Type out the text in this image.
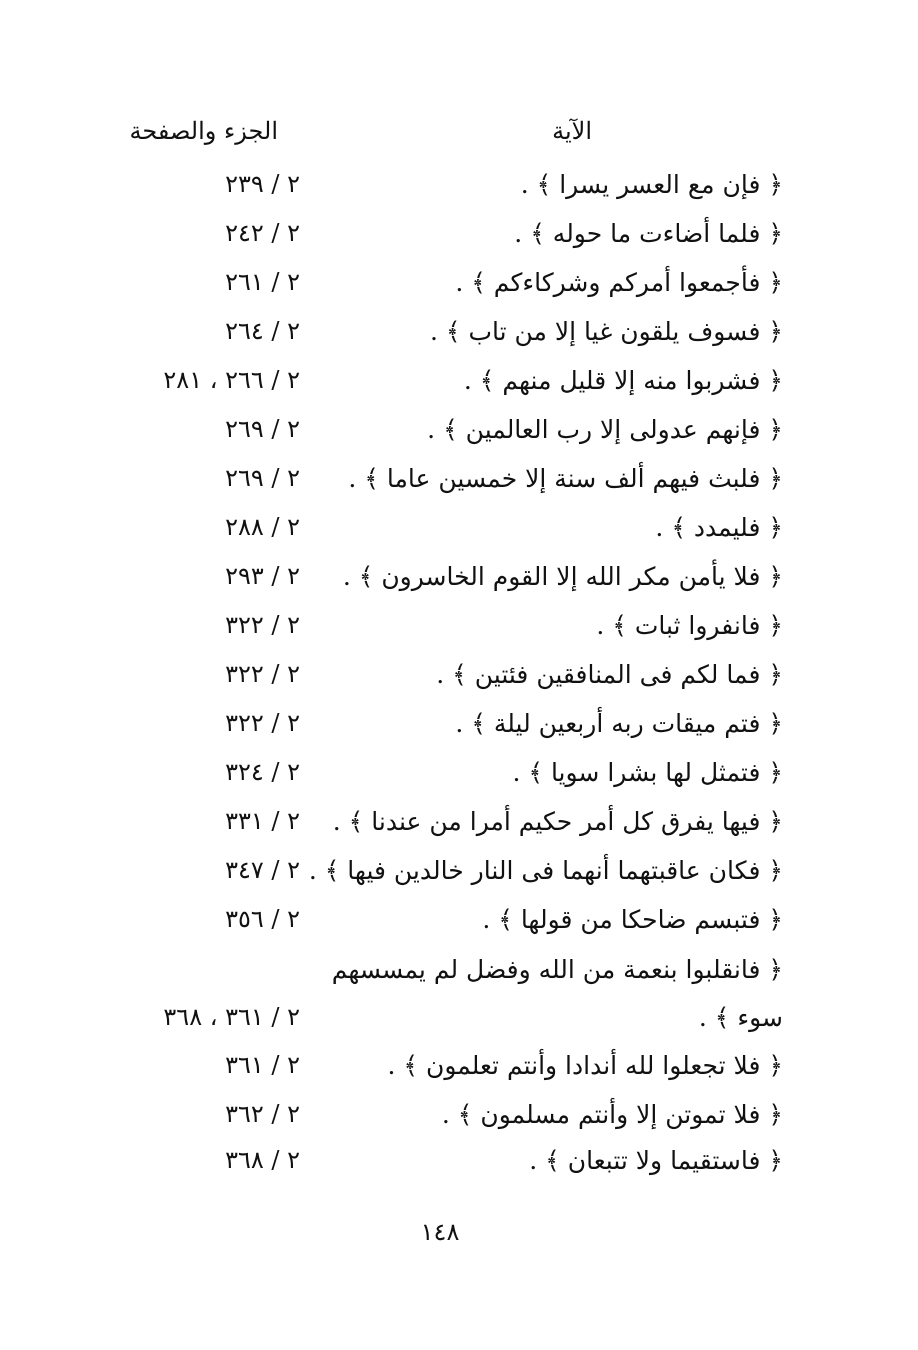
الآية
الجزء والصفحة
﴿ فإن مع العسر يسرا ﴾ .
٢ / ٢٣٩
﴿ فلما أضاءت ما حوله ﴾ .
٢ / ٢٤٢
﴿ فأجمعوا أمركم وشركاءكم ﴾ .
٢ / ٢٦١
﴿ فسوف يلقون غيا إلا من تاب ﴾ .
٢ / ٢٦٤
﴿ فشربوا منه إلا قليل منهم ﴾ .
٢ / ٢٦٦ ، ٢٨١
﴿ فإنهم عدولى إلا رب العالمين ﴾ .
٢ / ٢٦٩
﴿ فلبث فيهم ألف سنة إلا خمسين عاما ﴾ .
٢ / ٢٦٩
﴿ فليمدد ﴾ .
٢ / ٢٨٨
﴿ فلا يأمن مكر الله إلا القوم الخاسرون ﴾ .
٢ / ٢٩٣
﴿ فانفروا ثبات ﴾ .
٢ / ٣٢٢
﴿ فما لكم فى المنافقين فئتين ﴾ .
٢ / ٣٢٢
﴿ فتم ميقات ربه أربعين ليلة ﴾ .
٢ / ٣٢٢
﴿ فتمثل لها بشرا سويا ﴾ .
٢ / ٣٢٤
﴿ فيها يفرق كل أمر حكيم أمرا من عندنا ﴾ .
٢ / ٣٣١
﴿ فكان عاقبتهما أنهما فى النار خالدين فيها ﴾ .
٢ / ٣٤٧
﴿ فتبسم ضاحكا من قولها ﴾ .
٢ / ٣٥٦
﴿ فانقلبوا بنعمة من الله وفضل لم يمسسهم
سوء ﴾ .
٢ / ٣٦١ ، ٣٦٨
﴿ فلا تجعلوا لله أندادا وأنتم تعلمون ﴾ .
٢ / ٣٦١
﴿ فلا تموتن إلا وأنتم مسلمون ﴾ .
٢ / ٣٦٢
﴿ فاستقيما ولا تتبعان ﴾ .
٢ / ٣٦٨
١٤٨
